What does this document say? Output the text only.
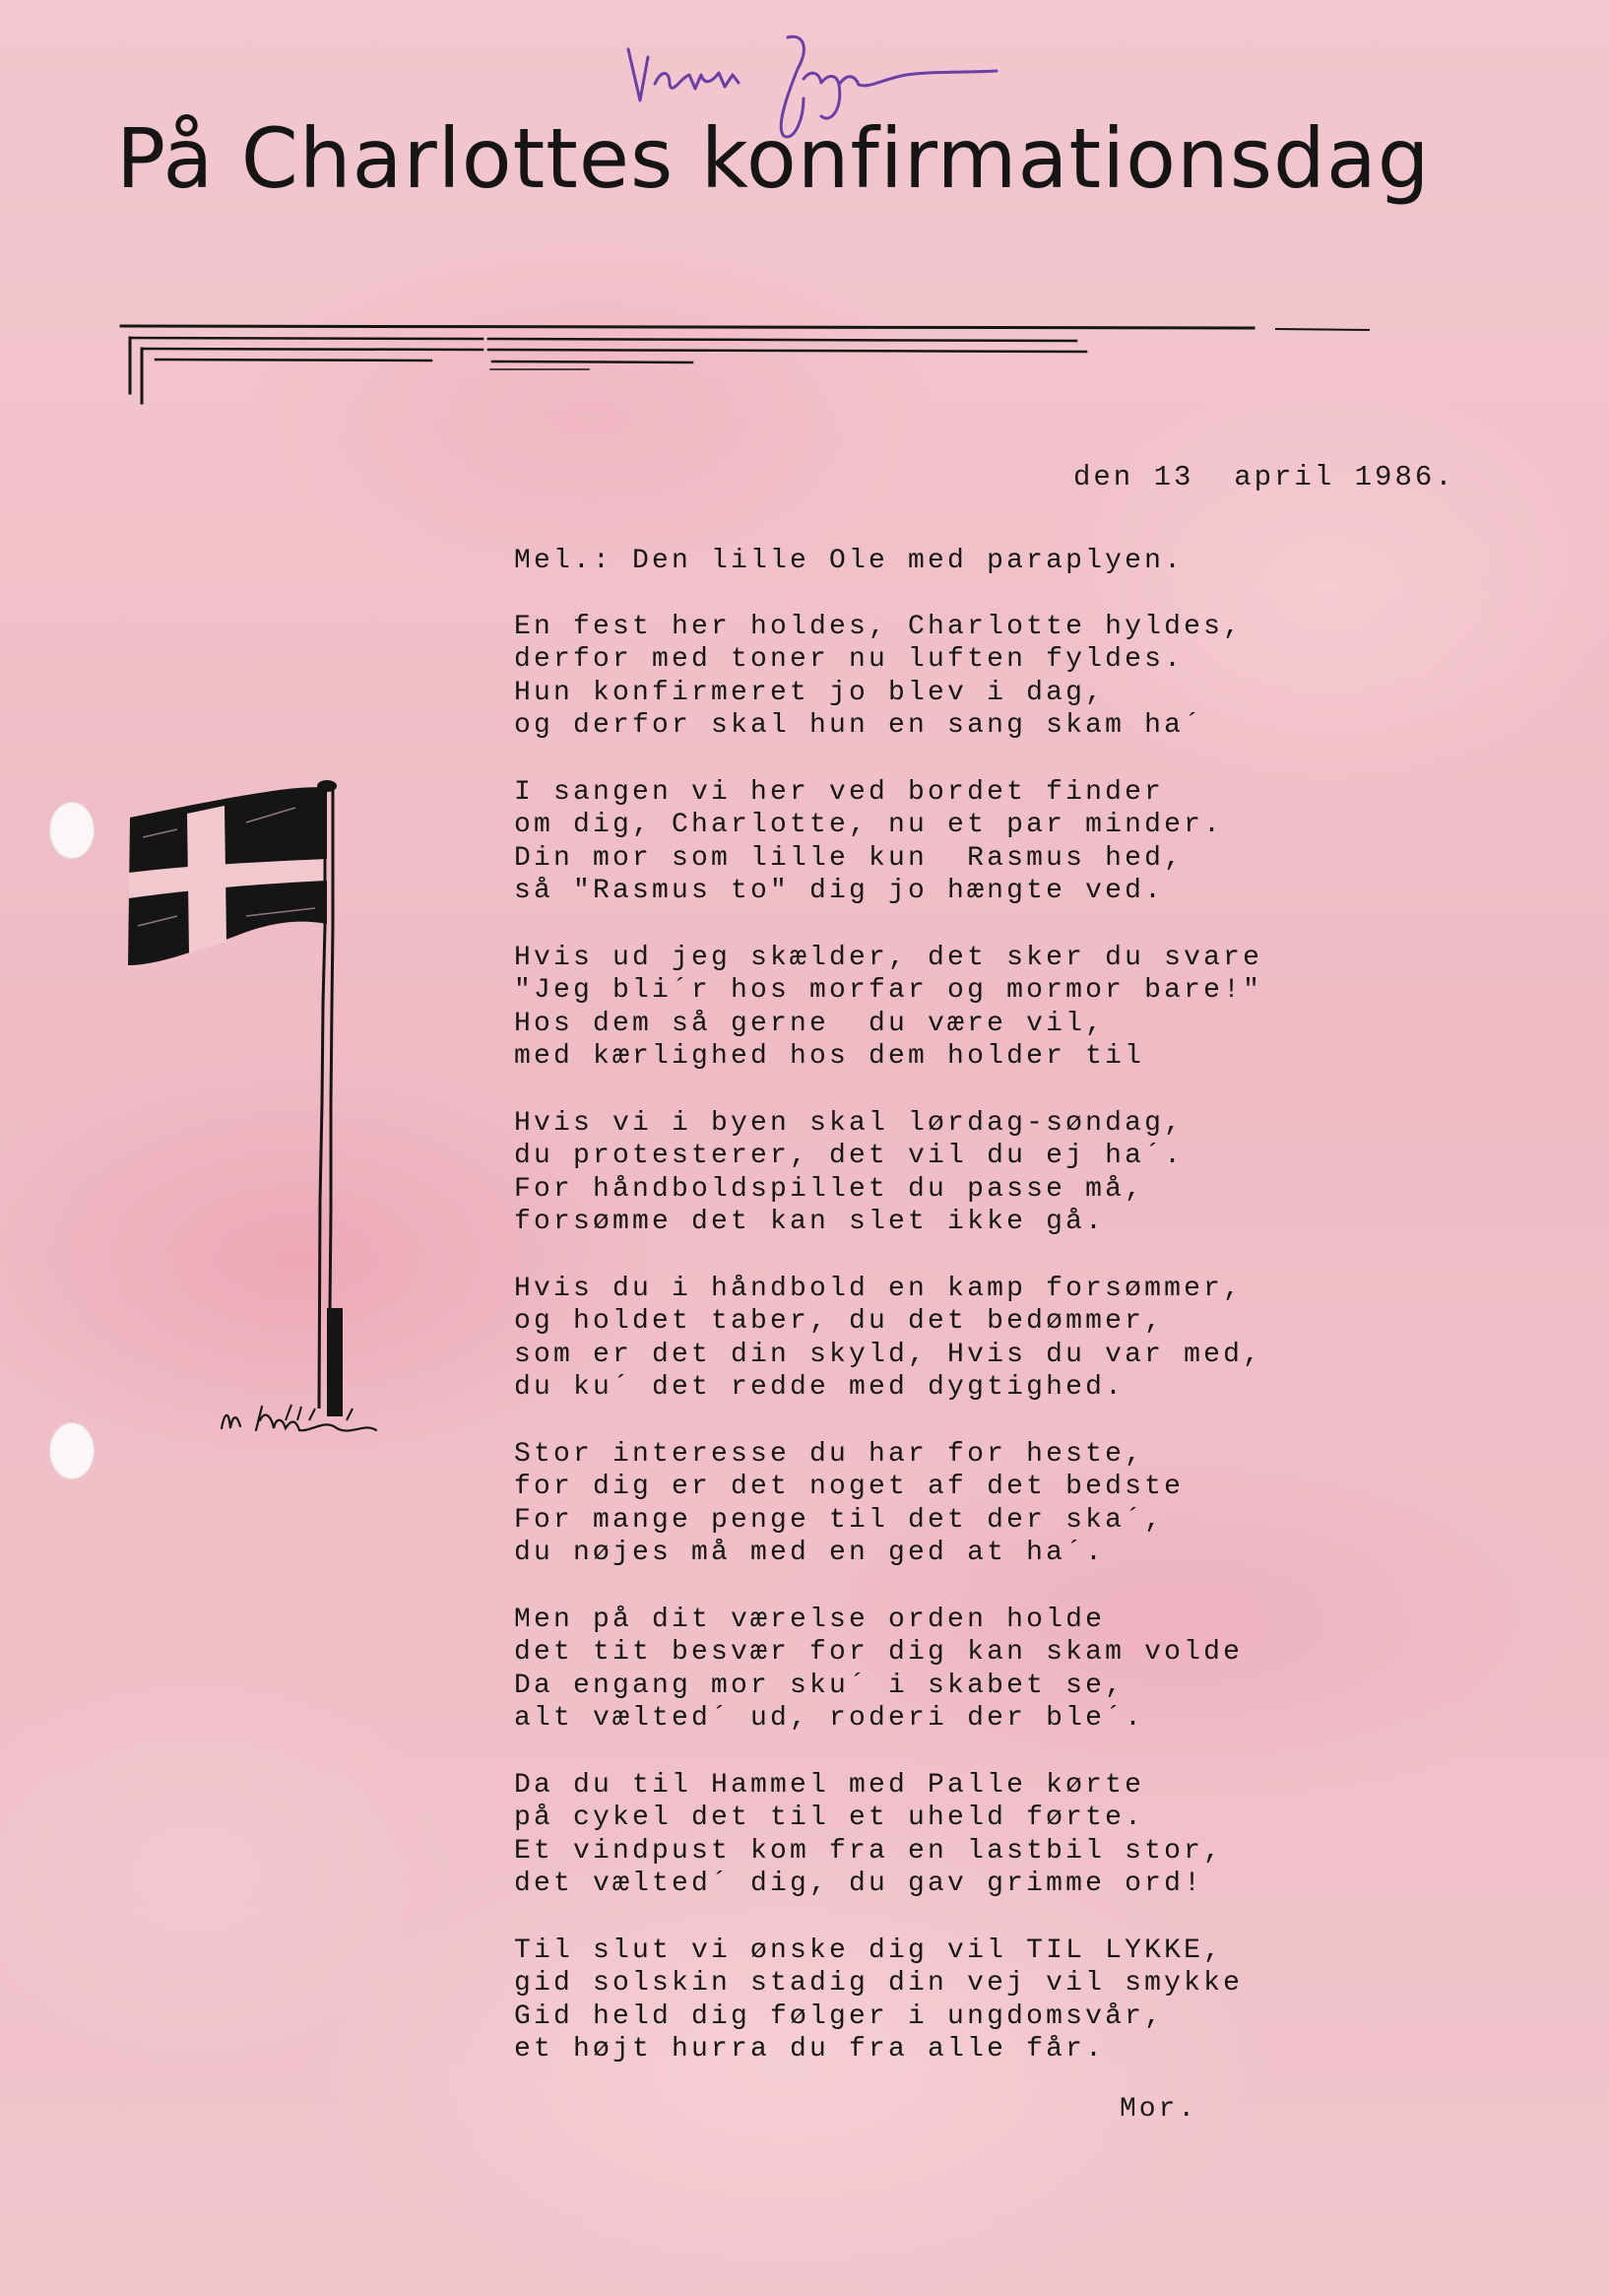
På Charlottes konfirmationsdag
den 13  april 1986.
Mel.: Den lille Ole med paraplyen.
En fest her holdes, Charlotte hyldes,
derfor med toner nu luften fyldes.
Hun konfirmeret jo blev i dag,
og derfor skal hun en sang skam ha´
I sangen vi her ved bordet finder
om dig, Charlotte, nu et par minder.
Din mor som lille kun  Rasmus hed,
så "Rasmus to" dig jo hængte ved.
Hvis ud jeg skælder, det sker du svare
"Jeg bli´r hos morfar og mormor bare!"
Hos dem så gerne  du være vil,
med kærlighed hos dem holder til
Hvis vi i byen skal lørdag-søndag,
du protesterer, det vil du ej ha´.
For håndboldspillet du passe må,
forsømme det kan slet ikke gå.
Hvis du i håndbold en kamp forsømmer,
og holdet taber, du det bedømmer,
som er det din skyld, Hvis du var med,
du ku´ det redde med dygtighed.
Stor interesse du har for heste,
for dig er det noget af det bedste
For mange penge til det der ska´,
du nøjes må med en ged at ha´.
Men på dit værelse orden holde
det tit besvær for dig kan skam volde
Da engang mor sku´ i skabet se,
alt vælted´ ud, roderi der ble´.
Da du til Hammel med Palle kørte
på cykel det til et uheld førte.
Et vindpust kom fra en lastbil stor,
det vælted´ dig, du gav grimme ord!
Til slut vi ønske dig vil TIL LYKKE,
gid solskin stadig din vej vil smykke
Gid held dig følger i ungdomsvår,
et højt hurra du fra alle får.
Mor.
